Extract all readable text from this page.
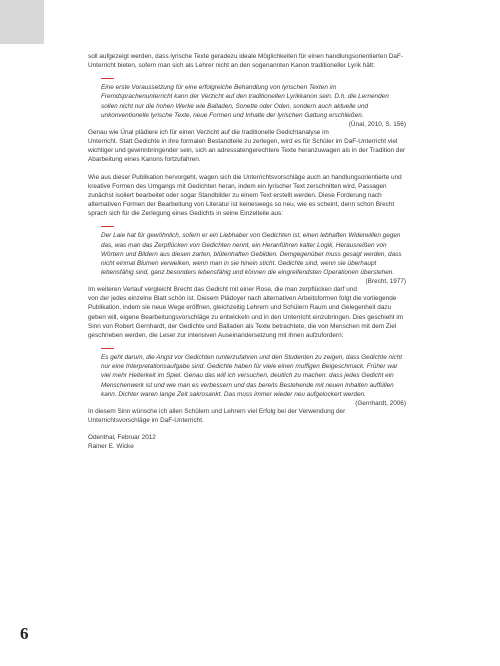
soll aufgezeigt werden, dass lyrische Texte geradezu ideale Möglichkeiten für einen handlungsorientierten DaF-Unterricht bieten, sofern man sich als Lehrer nicht an den sogenannten Kanon traditioneller Lyrik hält:

Eine erste Voraussetzung für eine erfolgreiche Behandlung von lyrischen Texten im Fremdsprachenunterricht kann der Verzicht auf den traditionellen Lyrikkanon sein. D.h. die Lernenden sollen nicht nur die hohen Werke wie Balladen, Sonette oder Oden, sondern auch aktuelle und unkonventionelle lyrische Texte, neue Formen und Inhalte der lyrischen Gattung erschließen.
(Ünal, 2010, S. 156)

Genau wie Ünal plädiere ich für einen Verzicht auf die traditionelle Gedichtanalyse im Unterricht. Statt Gedichte in ihre formalen Bestandteile zu zerlegen, wird es für Schüler im DaF-Unterricht viel wichtiger und gewinnbringender sein, sich an adressatengerechtere Texte heranzuwagen als in der Tradition der Abarbeitung eines Kanons fortzufahren.

Wie aus dieser Publikation hervorgeht, wagen sich die Unterrichtsvorschläge auch an handlungsorientierte und kreative Formen des Umgangs mit Gedichten heran, indem ein lyrischer Text zerschnitten wird, Passagen zunächst isoliert bearbeitet oder sogar Standbilder zu einem Text erstellt werden. Diese Forderung nach alternativen Formen der Bearbeitung von Literatur ist keineswegs so neu, wie es scheint, denn schon Brecht sprach sich für die Zerlegung eines Gedichts in seine Einzelteile aus:

Der Laie hat für gewöhnlich, sofern er ein Liebhaber von Gedichten ist, einen lebhaften Widerwillen gegen das, was man das Zerpflücken von Gedichten nennt, ein Heranführen kalter Logik, Herausreißen von Wörtern und Bildern aus diesen zarten, blütenhaften Gebilden. Demgegenüber muss gesagt werden, dass nicht einmal Blumen verwelken, wenn man in sie hinein sticht. Gedichte sind, wenn sie überhaupt lebensfähig sind, ganz besonders lebensfähig und können die eingreifendsten Operationen überstehen.
(Brecht, 1977)

Im weiteren Verlauf vergleicht Brecht das Gedicht mit einer Rose, die man zerpflücken darf und von der jedes einzelne Blatt schön ist. Diesem Plädoyer nach alternativen Arbeitsformen folgt die vorliegende Publikation, indem sie neue Wege eröffnen, gleichzeitig Lehrern und Schülern Raum und Gelegenheit dazu geben will, eigene Bearbeitungsvorschläge zu entwickeln und in den Unterricht einzubringen. Dies geschieht im Sinn von Robert Gernhardt, der Gedichte und Balladen als Texte betrachtete, die von Menschen mit dem Ziel geschrieben werden, die Leser zur intensiven Auseinandersetzung mit ihnen aufzufordern:

Es geht darum, die Angst vor Gedichten runterzufahren und den Studenten zu zeigen, dass Gedichte nicht nur eine Interpretationsaufgabe sind. Gedichte haben für viele einen muffigen Beigeschmack. Früher war viel mehr Heiterkeit im Spiel. Genau das will ich versuchen, deutlich zu machen: dass jedes Gedicht ein Menschenwerk ist und wie man es verbessern und das bereits Bestehende mit neuen Inhalten auffüllen kann. Dichter waren lange Zeit sakrosankt. Das muss immer wieder neu aufgelockert werden.
(Gernhardt, 2006)

In diesem Sinn wünsche ich allen Schülern und Lehrern viel Erfolg bei der Verwendung der Unterrichtsvorschläge im DaF-Unterricht.

Odenthal, Februar 2012

Rainer E. Wicke

6
